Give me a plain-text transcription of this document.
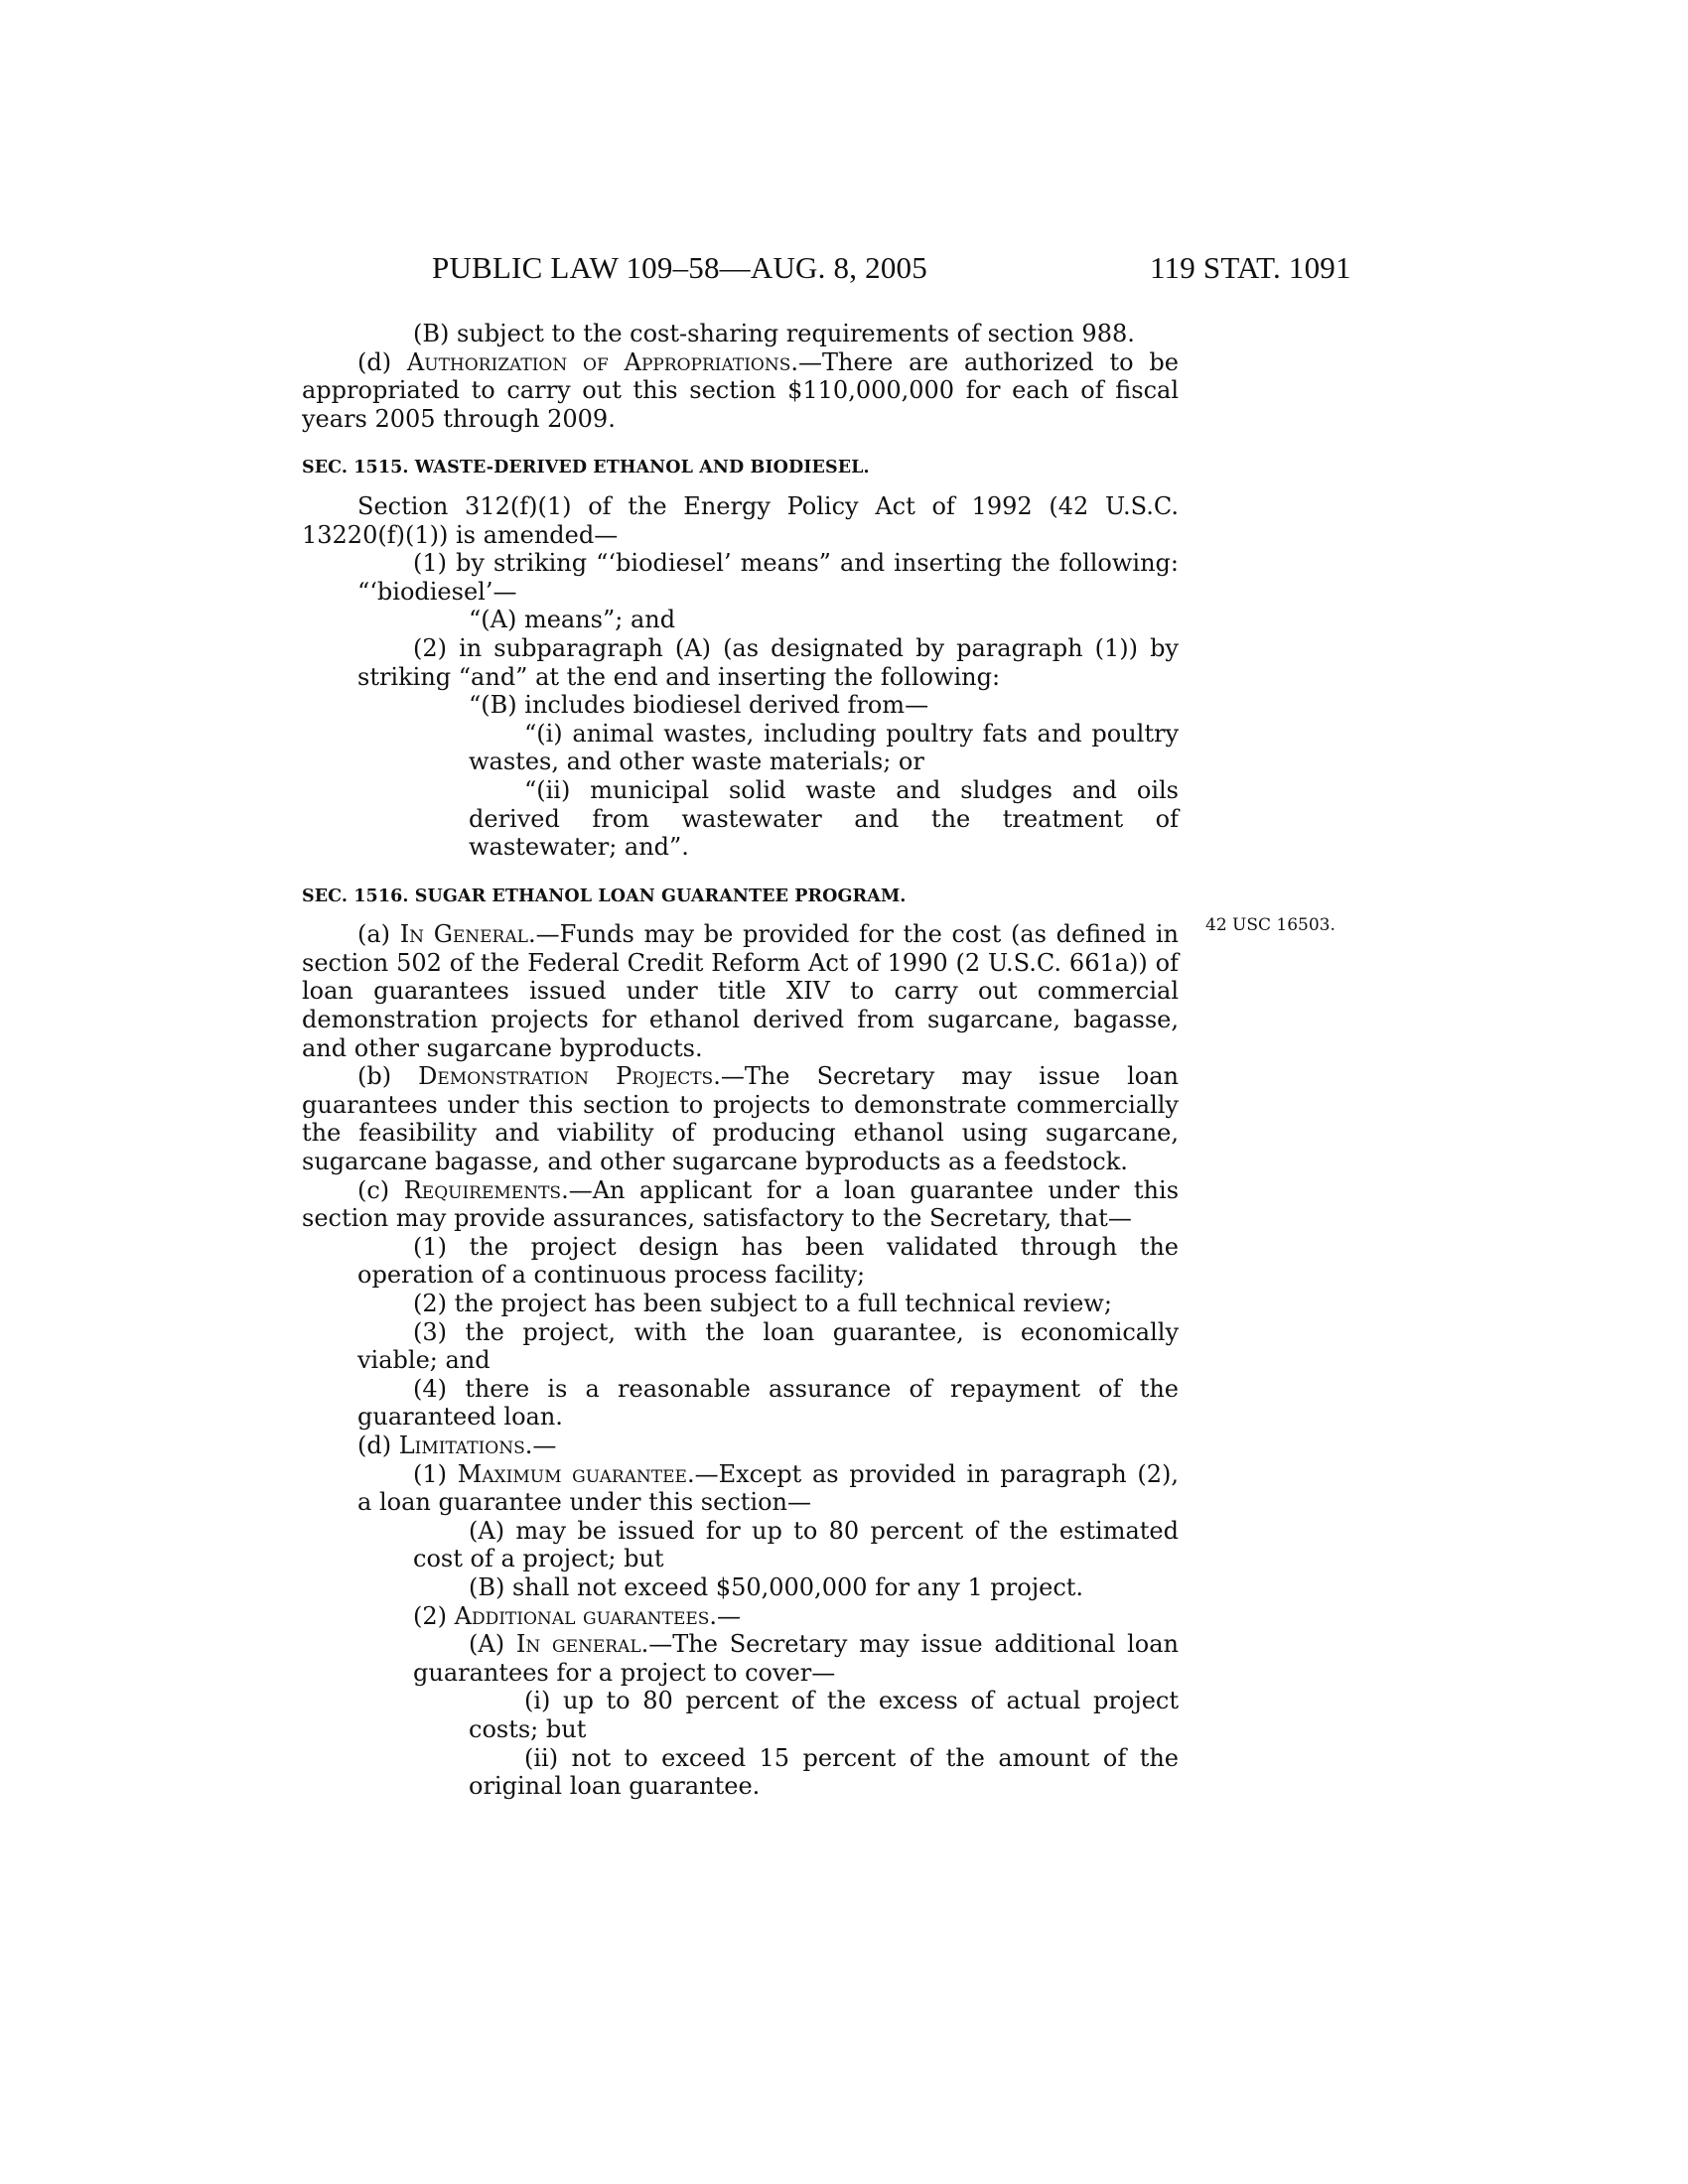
PUBLIC LAW 109–58—AUG. 8, 2005	119 STAT. 1091
42 USC 16503.

(B) subject to the cost-sharing requirements of section 988.

(d) Authorization of Appropriations.—There are authorized to be appropriated to carry out this section $110,000,000 for each of fiscal years 2005 through 2009.

SEC. 1515. WASTE-DERIVED ETHANOL AND BIODIESEL.

Section 312(f)(1) of the Energy Policy Act of 1992 (42 U.S.C. 13220(f)(1)) is amended—

(1) by striking “‘biodiesel’ means” and inserting the following: “‘biodiesel’—

“(A) means”; and

(2) in subparagraph (A) (as designated by paragraph (1)) by striking “and” at the end and inserting the following:

“(B) includes biodiesel derived from—

“(i) animal wastes, including poultry fats and poultry wastes, and other waste materials; or

“(ii) municipal solid waste and sludges and oils derived from wastewater and the treatment of wastewater; and”.

SEC. 1516. SUGAR ETHANOL LOAN GUARANTEE PROGRAM.

(a) In General.—Funds may be provided for the cost (as defined in section 502 of the Federal Credit Reform Act of 1990 (2 U.S.C. 661a)) of loan guarantees issued under title XIV to carry out commercial demonstration projects for ethanol derived from sugarcane, bagasse, and other sugarcane byproducts.

(b) Demonstration Projects.—The Secretary may issue loan guarantees under this section to projects to demonstrate commercially the feasibility and viability of producing ethanol using sugarcane, sugarcane bagasse, and other sugarcane byproducts as a feedstock.

(c) Requirements.—An applicant for a loan guarantee under this section may provide assurances, satisfactory to the Secretary, that—

(1) the project design has been validated through the operation of a continuous process facility;

(2) the project has been subject to a full technical review;

(3) the project, with the loan guarantee, is economically viable; and

(4) there is a reasonable assurance of repayment of the guaranteed loan.

(d) Limitations.—

(1) Maximum guarantee.—Except as provided in paragraph (2), a loan guarantee under this section—

(A) may be issued for up to 80 percent of the estimated cost of a project; but

(B) shall not exceed $50,000,000 for any 1 project.

(2) Additional guarantees.—

(A) In general.—The Secretary may issue additional loan guarantees for a project to cover—

(i) up to 80 percent of the excess of actual project costs; but

(ii) not to exceed 15 percent of the amount of the original loan guarantee.
